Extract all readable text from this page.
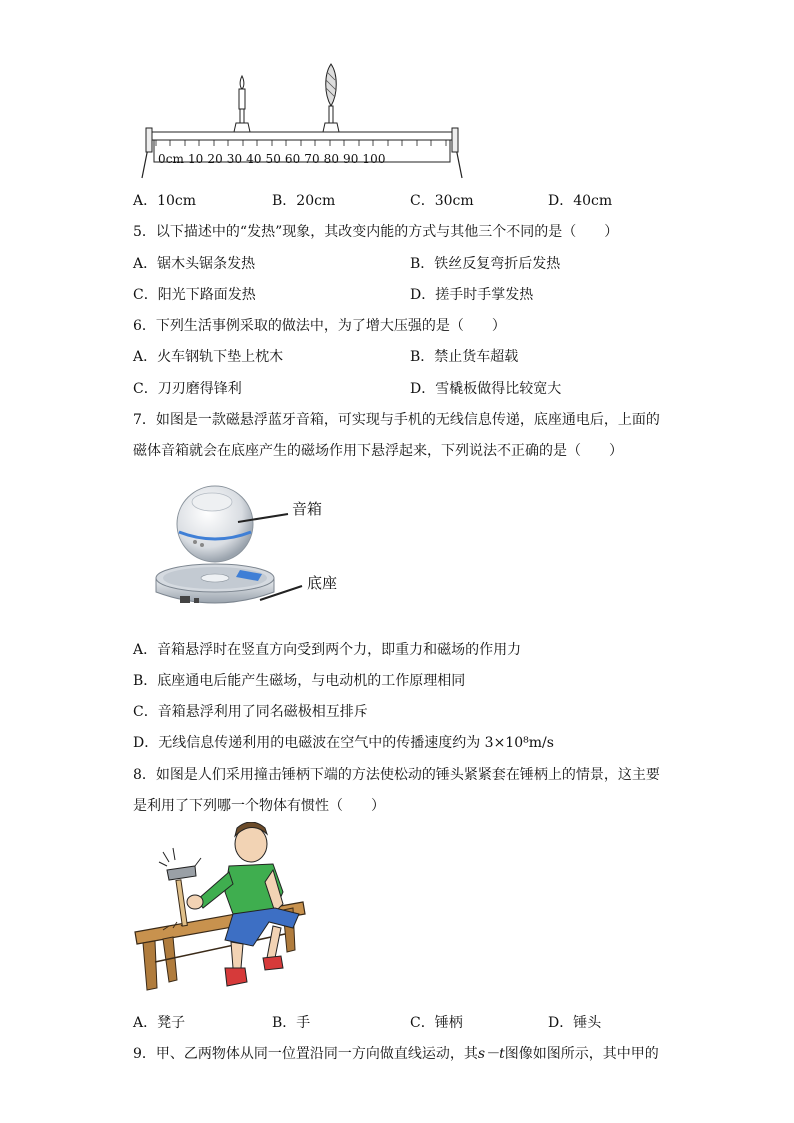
0cm 10 20 30 40 50 60 70 80 90 100
A．10cm	B．20cm	C．30cm	D．40cm
5．以下描述中的“发热”现象，其改变内能的方式与其他三个不同的是（　　）
A．锯木头锯条发热	B．铁丝反复弯折后发热
C．阳光下路面发热	D．搓手时手掌发热
6．下列生活事例采取的做法中，为了增大压强的是（　　）
A．火车钢轨下垫上枕木	B．禁止货车超载
C．刀刃磨得锋利	D．雪橇板做得比较宽大
7．如图是一款磁悬浮蓝牙音箱，可实现与手机的无线信息传递，底座通电后，上面的
磁体音箱就会在底座产生的磁场作用下悬浮起来，下列说法不正确的是（　　）
音箱
底座
A．音箱悬浮时在竖直方向受到两个力，即重力和磁场的作用力
B．底座通电后能产生磁场，与电动机的工作原理相同
C．音箱悬浮利用了同名磁极相互排斥
D．无线信息传递利用的电磁波在空气中的传播速度约为 3×10⁸m/s
8．如图是人们采用撞击锤柄下端的方法使松动的锤头紧紧套在锤柄上的情景，这主要
是利用了下列哪一个物体有惯性（　　）
A．凳子	B．手	C．锤柄	D．锤头
9．甲、乙两物体从同一位置沿同一方向做直线运动，其s－t图像如图所示，其中甲的
